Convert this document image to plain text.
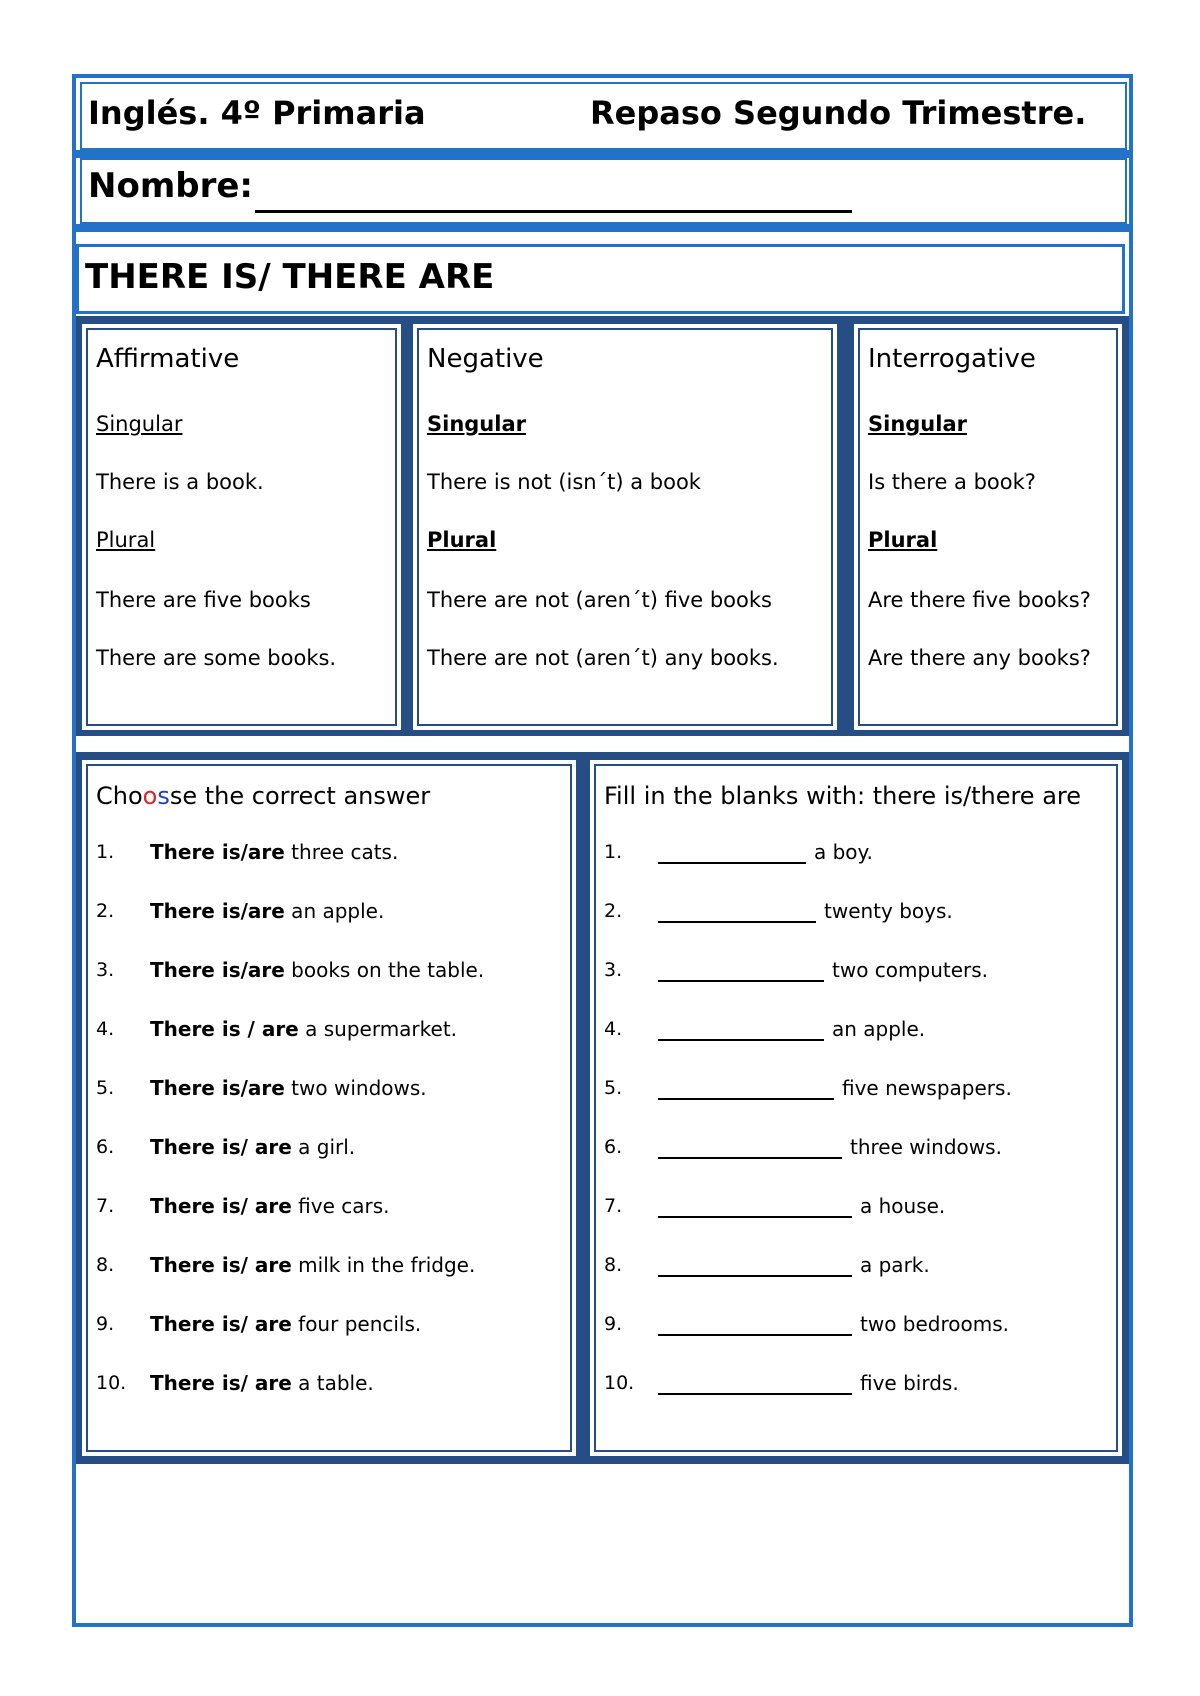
Inglés. 4º Primaria	Repaso Segundo Trimestre.
Nombre:
THERE IS/ THERE ARE
Affirmative
Singular
There is a book.
Plural
There are five books
There are some books.
Negative
Singular
There is not (isn´t) a book
Plural
There are not (aren´t) five books
There are not (aren´t) any books.
Interrogative
Singular
Is there a book?
Plural
Are there five books?
Are there any books?
Choosse the correct answer
1. There is/are three cats.
2. There is/are an apple.
3. There is/are books on the table.
4. There is / are a supermarket.
5. There is/are two windows.
6. There is/ are a girl.
7. There is/ are five cars.
8. There is/ are milk in the fridge.
9. There is/ are four pencils.
10. There is/ are a table.
Fill in the blanks with: there is/there are
1.	a boy.
2.	twenty boys.
3.	two computers.
4.	an apple.
5.	five newspapers.
6.	three windows.
7.	a house.
8.	a park.
9.	two bedrooms.
10.	five birds.
